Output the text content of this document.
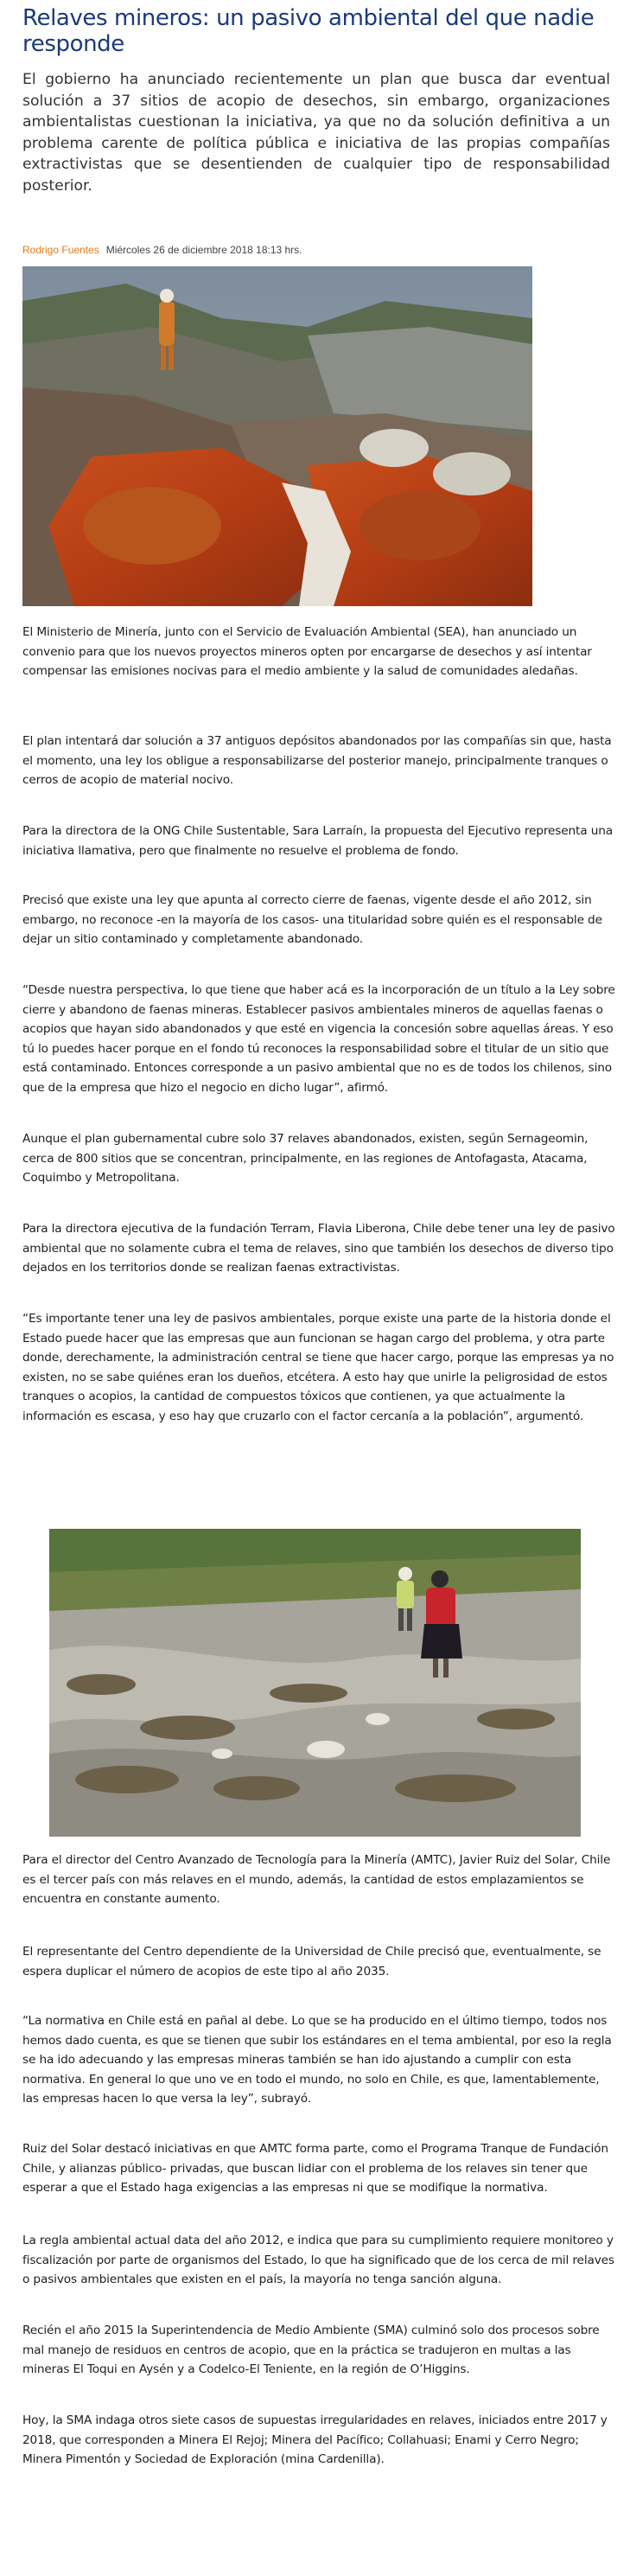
Relaves mineros: un pasivo ambiental del que nadie responde

El gobierno ha anunciado recientemente un plan que busca dar eventual solución a 37 sitios de acopio de desechos, sin embargo, organizaciones ambientalistas cuestionan la iniciativa, ya que no da solución definitiva a un problema carente de política pública e iniciativa de las propias compañías extractivistas que se desentienden de cualquier tipo de responsabilidad posterior.

Rodrigo Fuentes Miércoles 26 de diciembre 2018 18:13 hrs.

El Ministerio de Minería, junto con el Servicio de Evaluación Ambiental (SEA), han anunciado un convenio para que los nuevos proyectos mineros opten por encargarse de desechos y así intentar compensar las emisiones nocivas para el medio ambiente y la salud de comunidades aledañas.

El plan intentará dar solución a 37 antiguos depósitos abandonados por las compañías sin que, hasta el momento, una ley los obligue a responsabilizarse del posterior manejo, principalmente tranques o cerros de acopio de material nocivo.

Para la directora de la ONG Chile Sustentable, Sara Larraín, la propuesta del Ejecutivo representa una iniciativa llamativa, pero que finalmente no resuelve el problema de fondo.

Precisó que existe una ley que apunta al correcto cierre de faenas, vigente desde el año 2012, sin embargo, no reconoce -en la mayoría de los casos- una titularidad sobre quién es el responsable de dejar un sitio contaminado y completamente abandonado.

“Desde nuestra perspectiva, lo que tiene que haber acá es la incorporación de un título a la Ley sobre cierre y abandono de faenas mineras. Establecer pasivos ambientales mineros de aquellas faenas o acopios que hayan sido abandonados y que esté en vigencia la concesión sobre aquellas áreas. Y eso tú lo puedes hacer porque en el fondo tú reconoces la responsabilidad sobre el titular de un sitio que está contaminado. Entonces corresponde a un pasivo ambiental que no es de todos los chilenos, sino que de la empresa que hizo el negocio en dicho lugar”, afirmó.

Aunque el plan gubernamental cubre solo 37 relaves abandonados, existen, según Sernageomin, cerca de 800 sitios que se concentran, principalmente, en las regiones de Antofagasta, Atacama, Coquimbo y Metropolitana.

Para la directora ejecutiva de la fundación Terram, Flavia Liberona, Chile debe tener una ley de pasivo ambiental que no solamente cubra el tema de relaves, sino que también los desechos de diverso tipo dejados en los territorios donde se realizan faenas extractivistas.

“Es importante tener una ley de pasivos ambientales, porque existe una parte de la historia donde el Estado puede hacer que las empresas que aun funcionan se hagan cargo del problema, y otra parte donde, derechamente, la administración central se tiene que hacer cargo, porque las empresas ya no existen, no se sabe quiénes eran los dueños, etcétera. A esto hay que unirle la peligrosidad de estos tranques o acopios, la cantidad de compuestos tóxicos que contienen, ya que actualmente la información es escasa, y eso hay que cruzarlo con el factor cercanía a la población”, argumentó.

Para el director del Centro Avanzado de Tecnología para la Minería (AMTC), Javier Ruiz del Solar, Chile es el tercer país con más relaves en el mundo, además, la cantidad de estos emplazamientos se encuentra en constante aumento.

El representante del Centro dependiente de la Universidad de Chile precisó que, eventualmente, se espera duplicar el número de acopios de este tipo al año 2035.

“La normativa en Chile está en pañal al debe. Lo que se ha producido en el último tiempo, todos nos hemos dado cuenta, es que se tienen que subir los estándares en el tema ambiental, por eso la regla se ha ido adecuando y las empresas mineras también se han ido ajustando a cumplir con esta normativa. En general lo que uno ve en todo el mundo, no solo en Chile, es que, lamentablemente, las empresas hacen lo que versa la ley”, subrayó.

Ruiz del Solar destacó iniciativas en que AMTC forma parte, como el Programa Tranque de Fundación Chile, y alianzas público- privadas, que buscan lidiar con el problema de los relaves sin tener que esperar a que el Estado haga exigencias a las empresas ni que se modifique la normativa.

La regla ambiental actual data del año 2012, e indica que para su cumplimiento requiere monitoreo y fiscalización por parte de organismos del Estado, lo que ha significado que de los cerca de mil relaves o pasivos ambientales que existen en el país, la mayoría no tenga sanción alguna.

Recién el año 2015 la Superintendencia de Medio Ambiente (SMA) culminó solo dos procesos sobre mal manejo de residuos en centros de acopio, que en la práctica se tradujeron en multas a las mineras El Toqui en Aysén y a Codelco-El Teniente, en la región de O’Higgins.

Hoy, la SMA indaga otros siete casos de supuestas irregularidades en relaves, iniciados entre 2017 y 2018, que corresponden a Minera El Rejoj; Minera del Pacífico; Collahuasi; Enami y Cerro Negro; Minera Pimentón y Sociedad de Exploración (mina Cardenilla).
